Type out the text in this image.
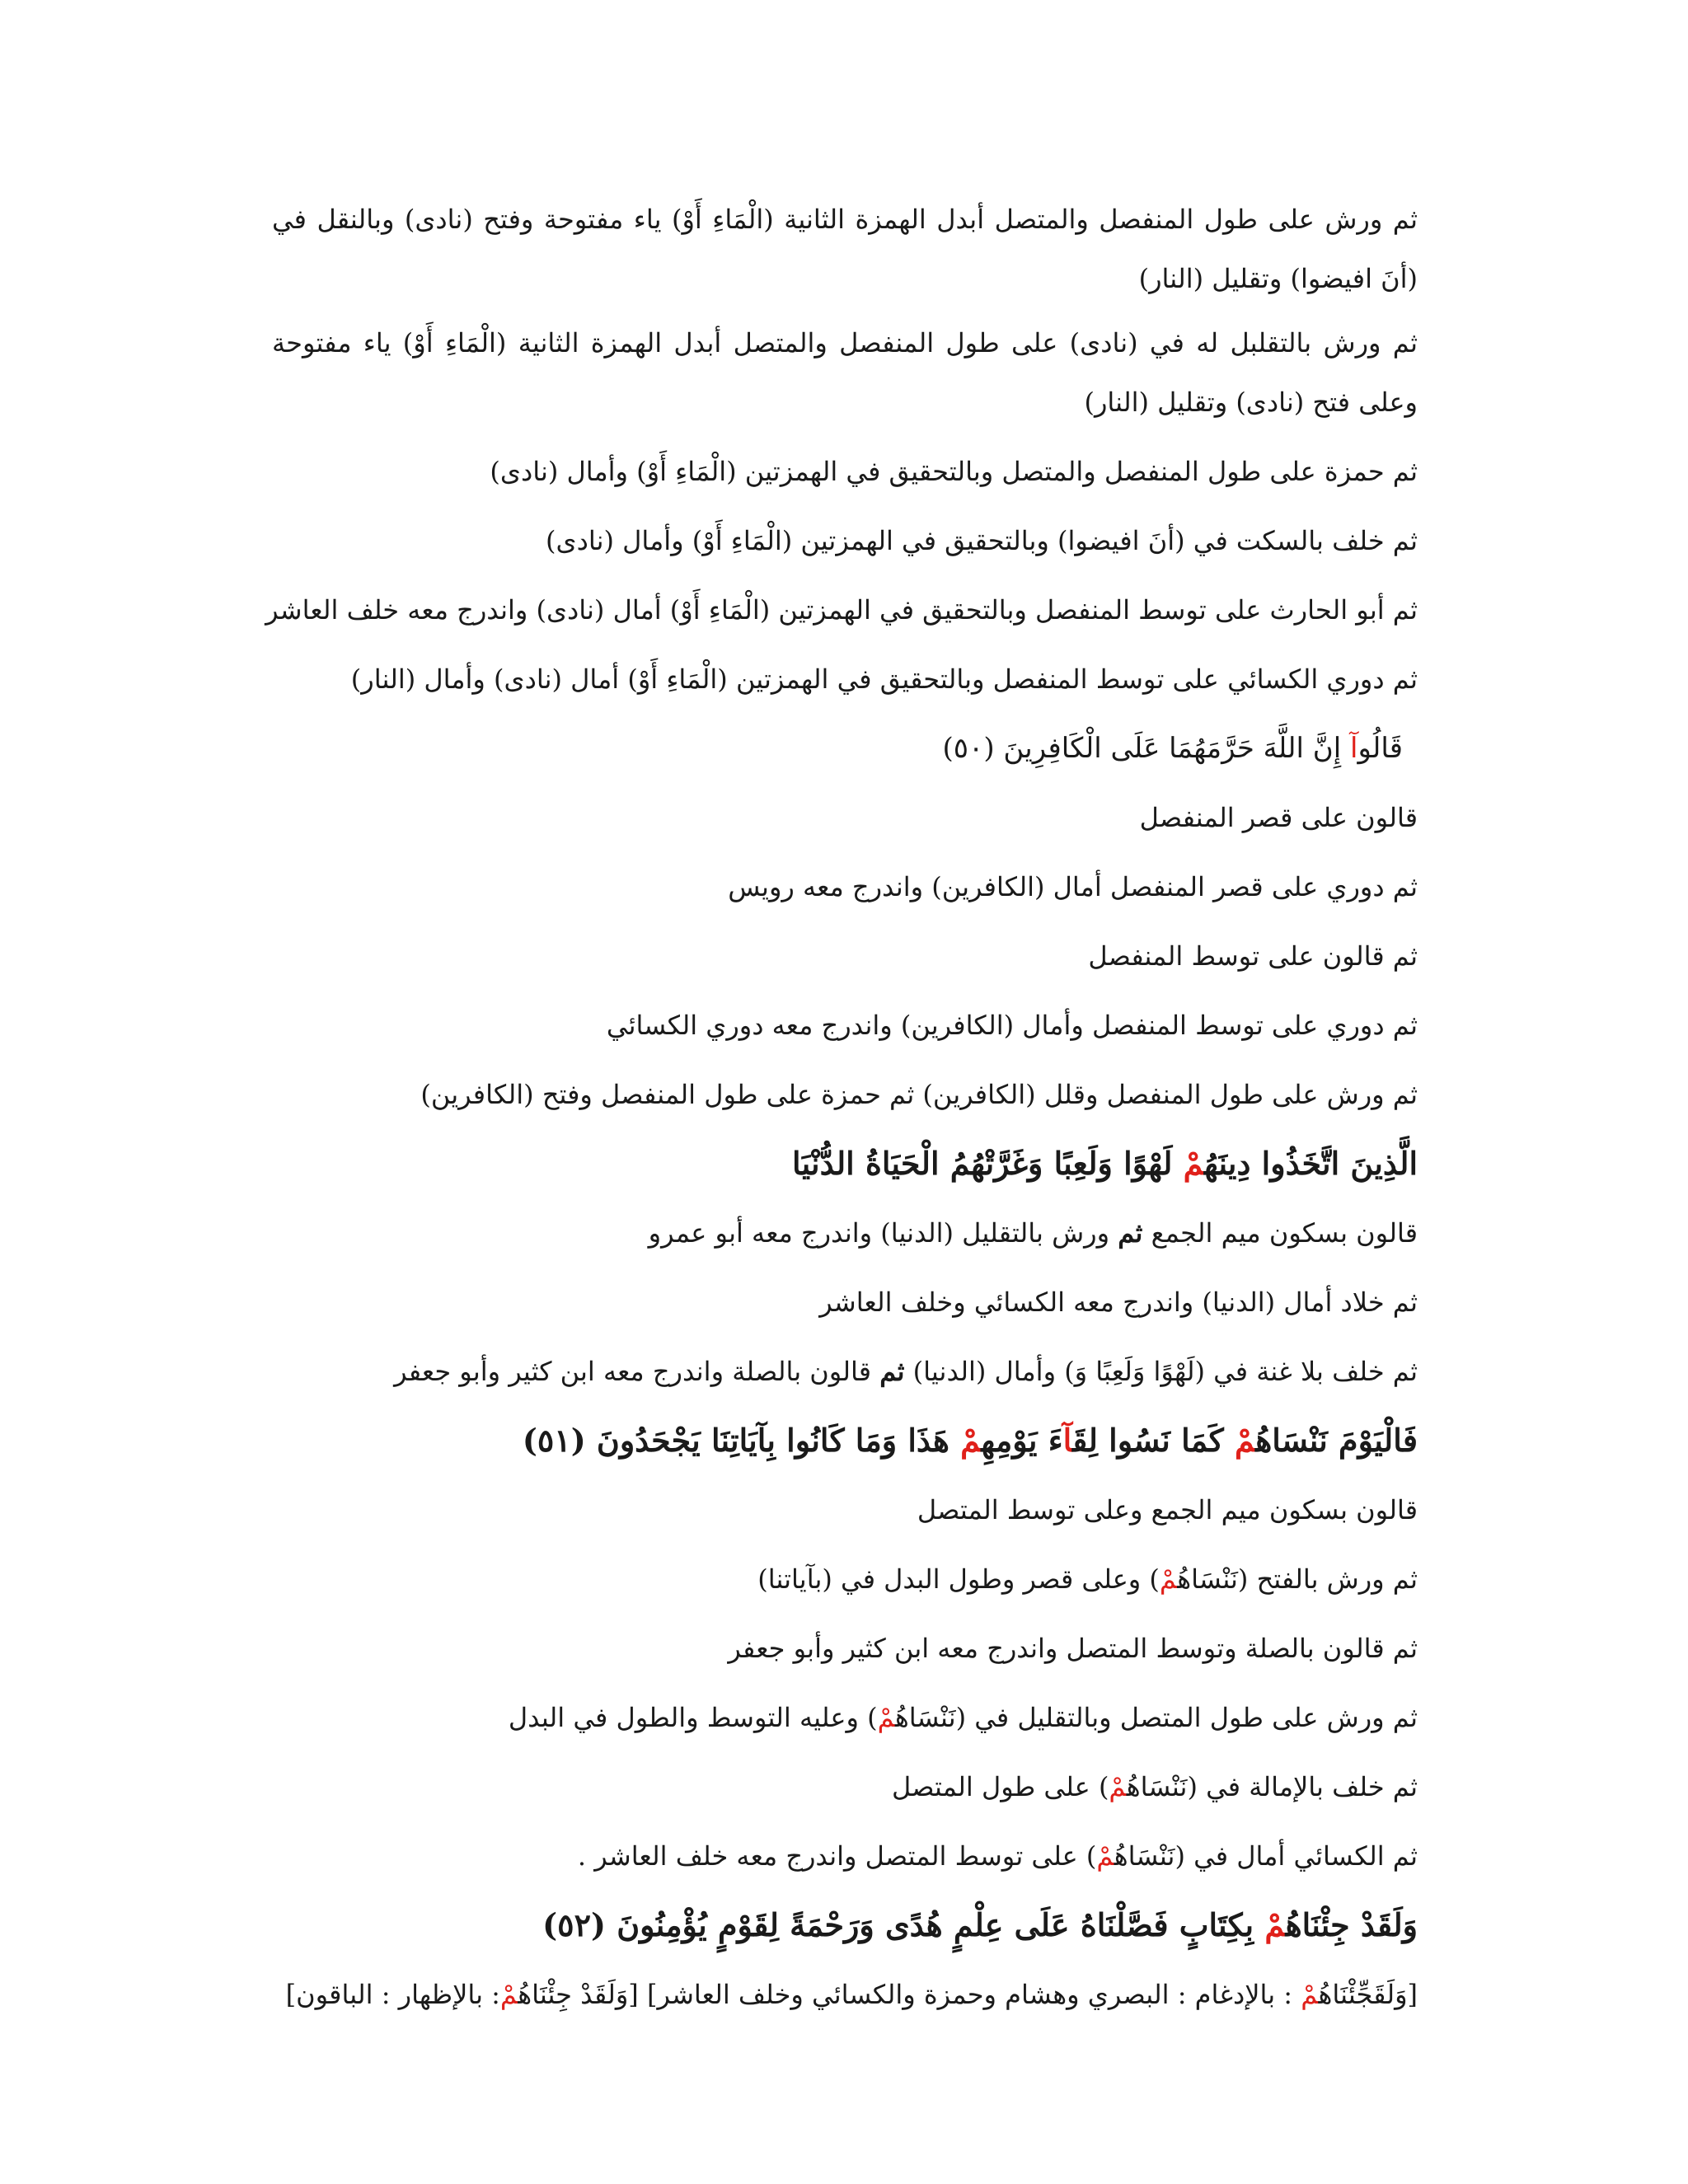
ثم ورش على طول المنفصل والمتصل أبدل الهمزة الثانية (الْمَاءِ أَوْ) ياء مفتوحة وفتح (نادى) وبالنقل في (أنَ افيضوا) وتقليل (النار)
ثم ورش بالتقلبل له في (نادى) على طول المنفصل والمتصل أبدل الهمزة الثانية (الْمَاءِ أَوْ) ياء مفتوحة وعلى فتح (نادى) وتقليل (النار)
ثم حمزة على طول المنفصل والمتصل وبالتحقيق في الهمزتين (الْمَاءِ أَوْ) وأمال (نادى)
ثم خلف بالسكت في (أنَ افيضوا) وبالتحقيق في الهمزتين (الْمَاءِ أَوْ) وأمال (نادى)
ثم أبو الحارث على توسط المنفصل وبالتحقيق في الهمزتين (الْمَاءِ أَوْ) أمال (نادى) واندرج معه خلف العاشر
ثم دوري الكسائي على توسط المنفصل وبالتحقيق في الهمزتين (الْمَاءِ أَوْ) أمال (نادى) وأمال (النار)
قَالُوآ إِنَّ اللَّهَ حَرَّمَهُمَا عَلَى الْكَافِرِينَ (٥٠)
قالون على قصر المنفصل
ثم دوري على قصر المنفصل أمال (الكافرين) واندرج معه رويس
ثم قالون على توسط المنفصل
ثم دوري على توسط المنفصل وأمال (الكافرين) واندرج معه دوري الكسائي
ثم ورش على طول المنفصل وقلل (الكافرين) ثم حمزة على طول المنفصل وفتح (الكافرين)
الَّذِينَ اتَّخَذُوا دِينَهُمْ لَهْوًا وَلَعِبًا وَغَرَّتْهُمُ الْحَيَاةُ الدُّنْيَا
قالون بسكون ميم الجمع ثم ورش بالتقليل (الدنيا) واندرج معه أبو عمرو
ثم خلاد أمال (الدنيا) واندرج معه الكسائي وخلف العاشر
ثم خلف بلا غنة في (لَهْوًا وَلَعِبًا وَ) وأمال (الدنيا) ثم قالون بالصلة واندرج معه ابن كثير وأبو جعفر
فَالْيَوْمَ نَنْسَاهُمْ كَمَا نَسُوا لِقَآءَ يَوْمِهِمْ هَذَا وَمَا كَانُوا بِآيَاتِنَا يَجْحَدُونَ (٥١)
قالون بسكون ميم الجمع وعلى توسط المتصل
ثم ورش بالفتح (نَنْسَاهُمْ) وعلى قصر وطول البدل في (بآياتنا)
ثم قالون بالصلة وتوسط المتصل واندرج معه ابن كثير وأبو جعفر
ثم ورش على طول المتصل وبالتقليل في (نَنْسَاهُمْ) وعليه التوسط والطول في البدل
ثم خلف بالإمالة في (نَنْسَاهُمْ) على طول المتصل
ثم الكسائي أمال في (نَنْسَاهُمْ) على توسط المتصل واندرج معه خلف العاشر .
وَلَقَدْ جِئْنَاهُمْ بِكِتَابٍ فَصَّلْنَاهُ عَلَى عِلْمٍ هُدًى وَرَحْمَةً لِقَوْمٍ يُؤْمِنُونَ (٥٢)
[وَلَقَجِّئْنَاهُمْ : بالإدغام : البصري وهشام وحمزة والكسائي وخلف العاشر] [وَلَقَدْ جِئْنَاهُمْ: بالإظهار : الباقون]
